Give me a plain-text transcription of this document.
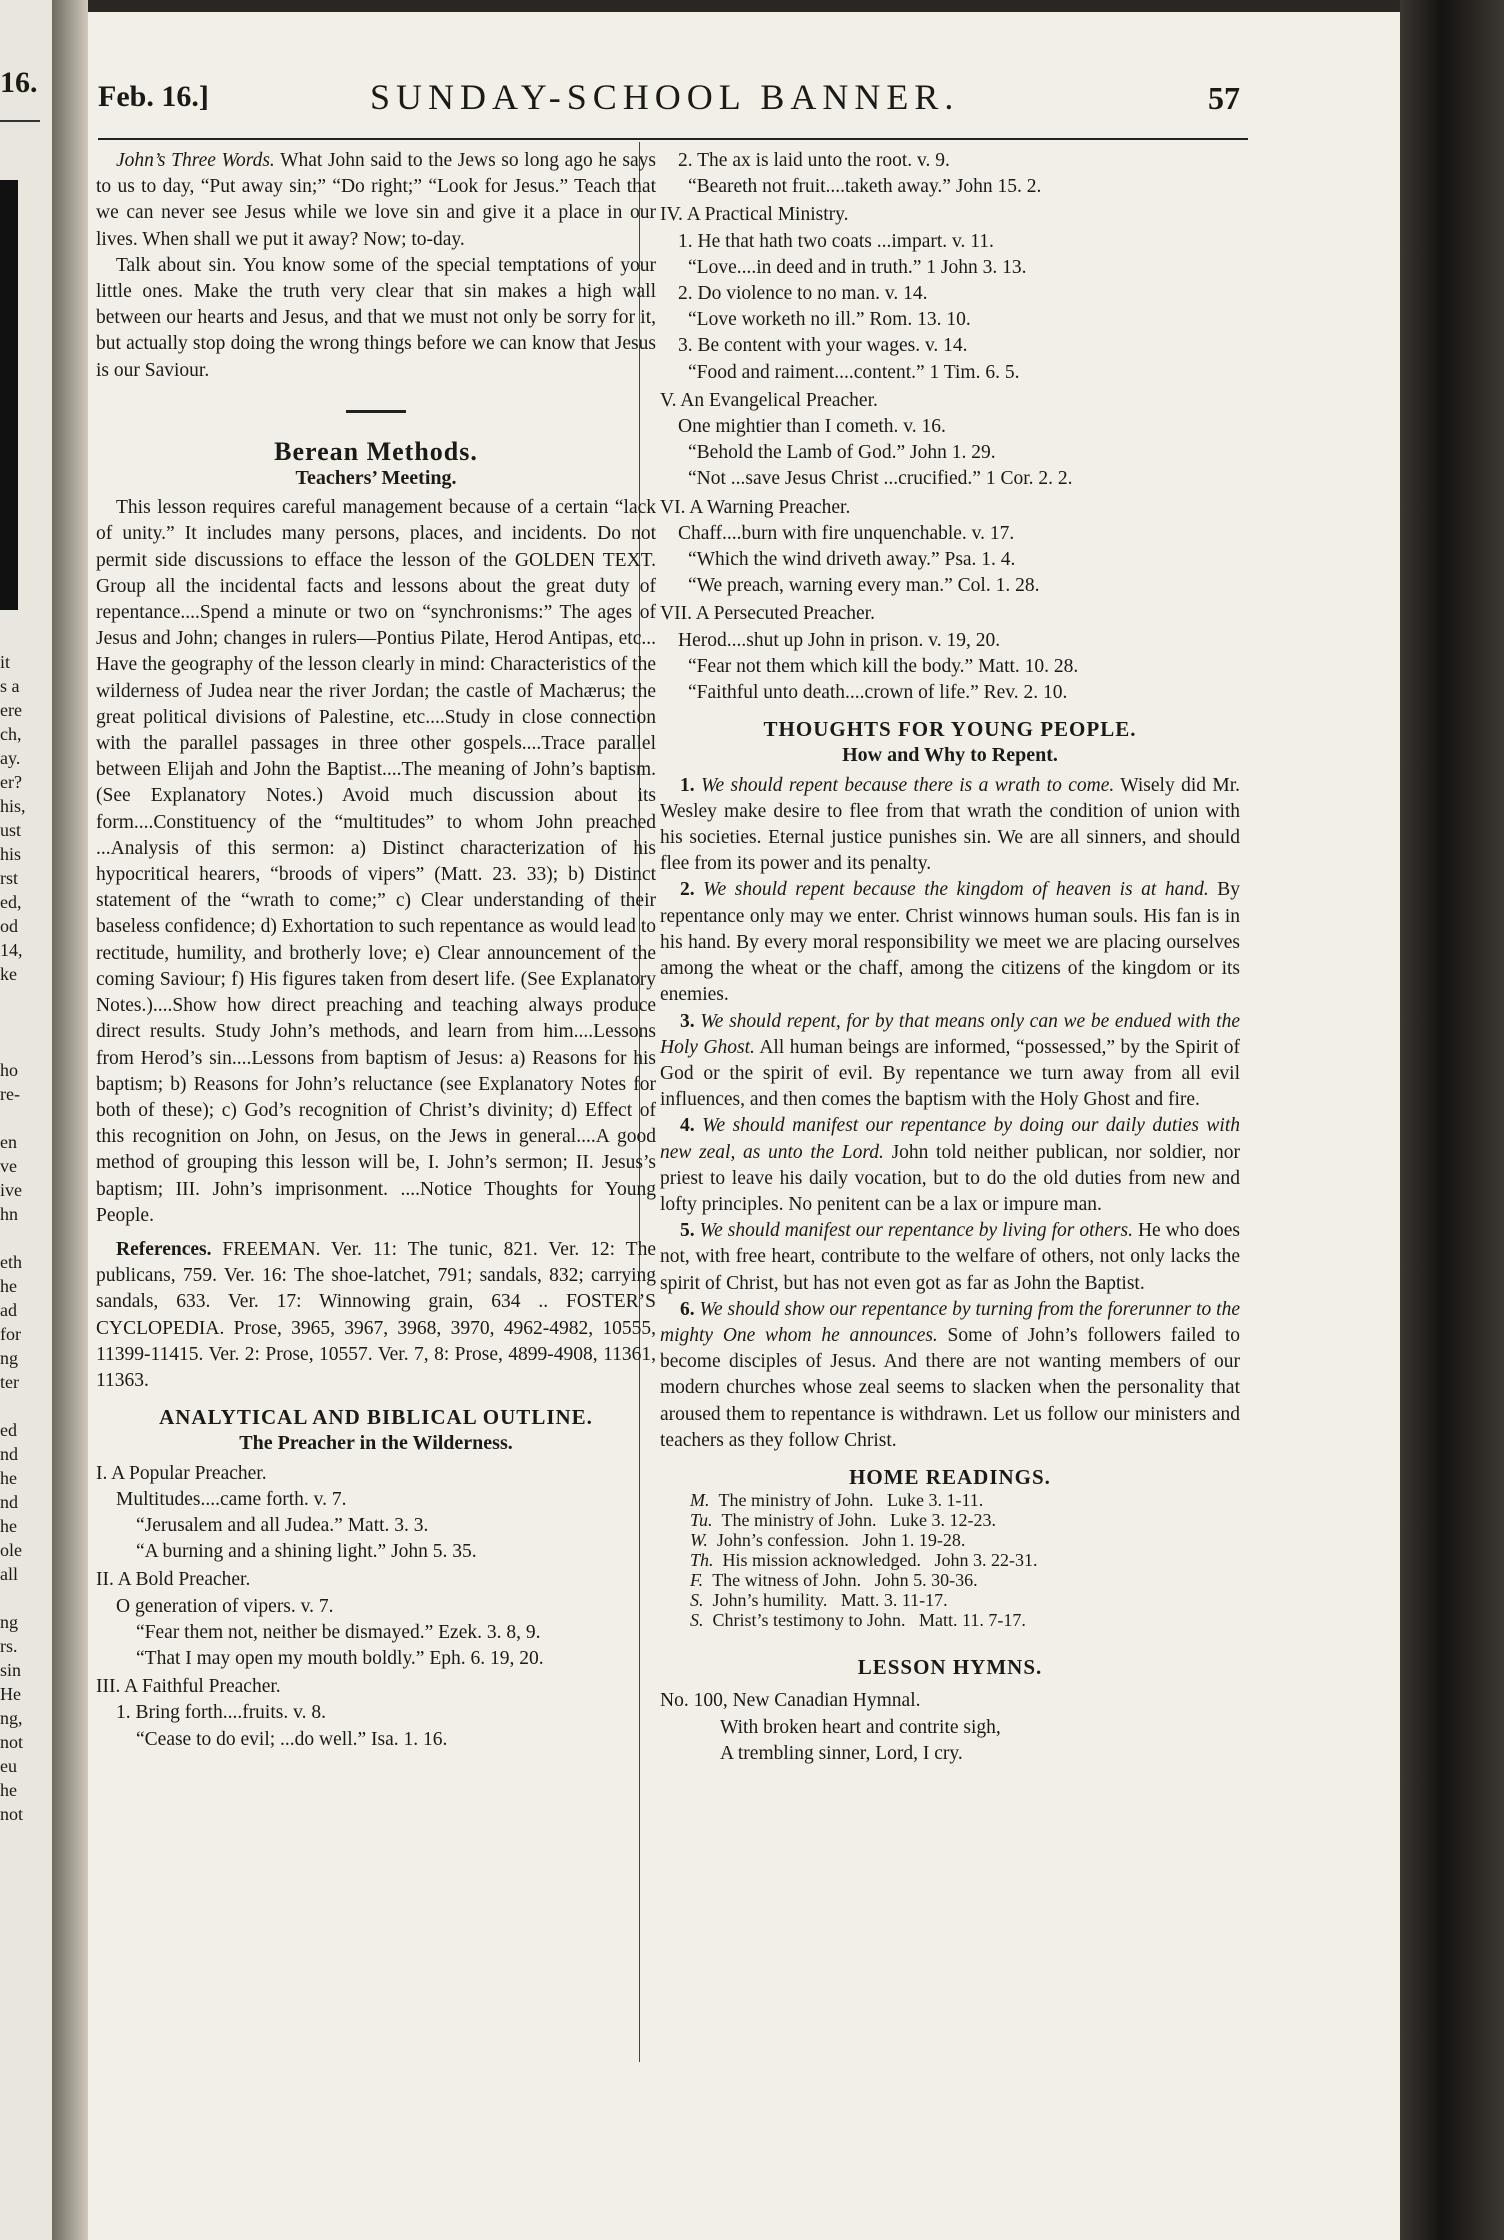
16.
it
s a
ere
ch,
ay.
er?
his,
ust
his
rst
ed,
od
14,
ke

ho
re-

en
ve
ive
hn

eth
he
ad
for
ng
ter

ed
nd
he
nd
he
ole
all

ng
rs.
sin
He
ng,
not
eu
he
not
Feb. 16.]	SUNDAY-SCHOOL BANNER.	57

John’s Three Words. What John said to the Jews so long ago he says to us to day, “Put away sin;” “Do right;” “Look for Jesus.” Teach that we can never see Jesus while we love sin and give it a place in our lives. When shall we put it away? Now; to-day.

Talk about sin. You know some of the special temptations of your little ones. Make the truth very clear that sin makes a high wall between our hearts and Jesus, and that we must not only be sorry for it, but actually stop doing the wrong things before we can know that Jesus is our Saviour.

Berean Methods.
Teachers’ Meeting.

This lesson requires careful management because of a certain “lack of unity.” It includes many persons, places, and incidents. Do not permit side discussions to efface the lesson of the GOLDEN TEXT. Group all the incidental facts and lessons about the great duty of repentance....Spend a minute or two on “synchronisms:” The ages of Jesus and John; changes in rulers—Pontius Pilate, Herod Antipas, etc... Have the geography of the lesson clearly in mind: Characteristics of the wilderness of Judea near the river Jordan; the castle of Machærus; the great political divisions of Palestine, etc....Study in close connection with the parallel passages in three other gospels....Trace parallel between Elijah and John the Baptist....The meaning of John’s baptism. (See Explanatory Notes.) Avoid much discussion about its form....Constituency of the “multitudes” to whom John preached ...Analysis of this sermon: a) Distinct characterization of his hypocritical hearers, “broods of vipers” (Matt. 23. 33); b) Distinct statement of the “wrath to come;” c) Clear understanding of their baseless confidence; d) Exhortation to such repentance as would lead to rectitude, humility, and brotherly love; e) Clear announcement of the coming Saviour; f) His figures taken from desert life. (See Explanatory Notes.)....Show how direct preaching and teaching always produce direct results. Study John’s methods, and learn from him....Lessons from Herod’s sin....Lessons from baptism of Jesus: a) Reasons for his baptism; b) Reasons for John’s reluctance (see Explanatory Notes for both of these); c) God’s recognition of Christ’s divinity; d) Effect of this recognition on John, on Jesus, on the Jews in general....A good method of grouping this lesson will be, I. John’s sermon; II. Jesus’s baptism; III. John’s imprisonment. ....Notice Thoughts for Young People.

References. FREEMAN. Ver. 11: The tunic, 821. Ver. 12: The publicans, 759. Ver. 16: The shoe-latchet, 791; sandals, 832; carrying sandals, 633. Ver. 17: Winnowing grain, 634 .. FOSTER’S CYCLOPEDIA. Prose, 3965, 3967, 3968, 3970, 4962-4982, 10555, 11399-11415. Ver. 2: Prose, 10557. Ver. 7, 8: Prose, 4899-4908, 11361, 11363.

ANALYTICAL AND BIBLICAL OUTLINE.
The Preacher in the Wilderness.
I. A Popular Preacher.
Multitudes....came forth. v. 7.
“Jerusalem and all Judea.” Matt. 3. 3.
“A burning and a shining light.” John 5. 35.
II. A Bold Preacher.
O generation of vipers. v. 7.
“Fear them not, neither be dismayed.” Ezek. 3. 8, 9.
“That I may open my mouth boldly.” Eph. 6. 19, 20.
III. A Faithful Preacher.
1. Bring forth....fruits. v. 8.
“Cease to do evil; ...do well.” Isa. 1. 16.
2. The ax is laid unto the root. v. 9.
“Beareth not fruit....taketh away.” John 15. 2.
IV. A Practical Ministry.
1. He that hath two coats ...impart. v. 11.
“Love....in deed and in truth.” 1 John 3. 13.
2. Do violence to no man. v. 14.
“Love worketh no ill.” Rom. 13. 10.
3. Be content with your wages. v. 14.
“Food and raiment....content.” 1 Tim. 6. 5.
V. An Evangelical Preacher.
One mightier than I cometh. v. 16.
“Behold the Lamb of God.” John 1. 29.
“Not ...save Jesus Christ ...crucified.” 1 Cor. 2. 2.
VI. A Warning Preacher.
Chaff....burn with fire unquenchable. v. 17.
“Which the wind driveth away.” Psa. 1. 4.
“We preach, warning every man.” Col. 1. 28.
VII. A Persecuted Preacher.
Herod....shut up John in prison. v. 19, 20.
“Fear not them which kill the body.” Matt. 10. 28.
“Faithful unto death....crown of life.” Rev. 2. 10.
THOUGHTS FOR YOUNG PEOPLE.
How and Why to Repent.

1. We should repent because there is a wrath to come. Wisely did Mr. Wesley make desire to flee from that wrath the condition of union with his societies. Eternal justice punishes sin. We are all sinners, and should flee from its power and its penalty.

2. We should repent because the kingdom of heaven is at hand. By repentance only may we enter. Christ winnows human souls. His fan is in his hand. By every moral responsibility we meet we are placing ourselves among the wheat or the chaff, among the citizens of the kingdom or its enemies.

3. We should repent, for by that means only can we be endued with the Holy Ghost. All human beings are informed, “possessed,” by the Spirit of God or the spirit of evil. By repentance we turn away from all evil influences, and then comes the baptism with the Holy Ghost and fire.

4. We should manifest our repentance by doing our daily duties with new zeal, as unto the Lord. John told neither publican, nor soldier, nor priest to leave his daily vocation, but to do the old duties from new and lofty principles. No penitent can be a lax or impure man.

5. We should manifest our repentance by living for others. He who does not, with free heart, contribute to the welfare of others, not only lacks the spirit of Christ, but has not even got as far as John the Baptist.

6. We should show our repentance by turning from the forerunner to the mighty One whom he announces. Some of John’s followers failed to become disciples of Jesus. And there are not wanting members of our modern churches whose zeal seems to slacken when the personality that aroused them to repentance is withdrawn. Let us follow our ministers and teachers as they follow Christ.

HOME READINGS.
M.  The ministry of John.   Luke 3. 1-11.
Tu.  The ministry of John.   Luke 3. 12-23.
W.  John’s confession.   John 1. 19-28.
Th.  His mission acknowledged.   John 3. 22-31.
F.  The witness of John.   John 5. 30-36.
S.  John’s humility.   Matt. 3. 11-17.
S.  Christ’s testimony to John.   Matt. 11. 7-17.
LESSON HYMNS.
No. 100, New Canadian Hymnal.
With broken heart and contrite sigh,
A trembling sinner, Lord, I cry.
